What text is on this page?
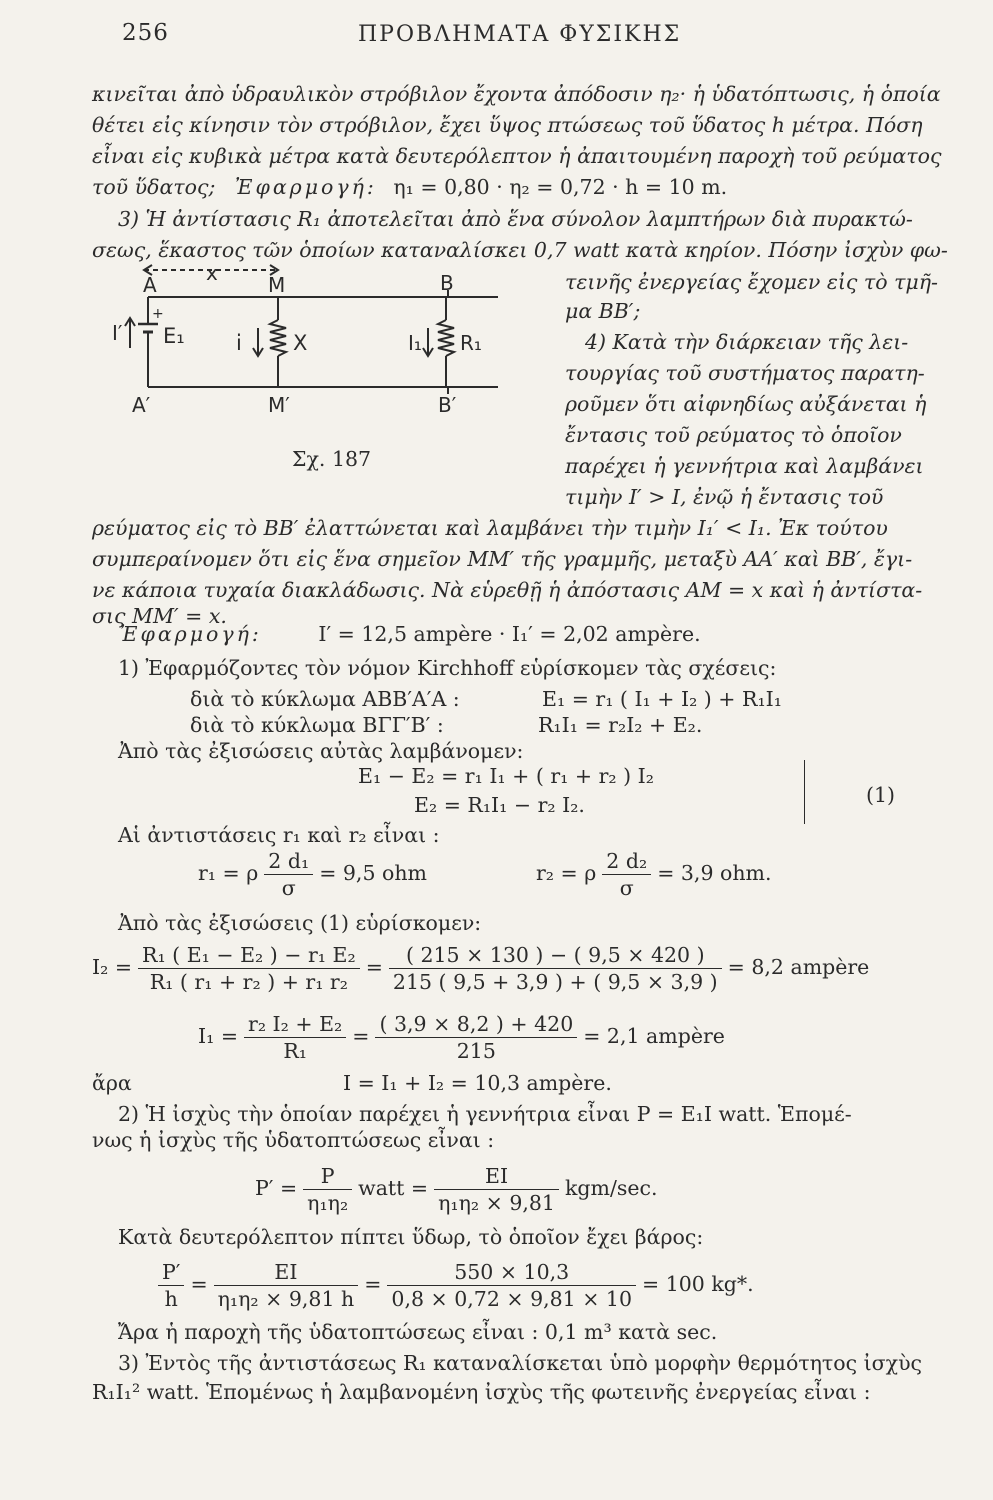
256	ΠΡΟΒΛΗΜΑΤΑ ΦΥΣΙΚΗΣ
κινεῖται ἀπὸ ὑδραυλικὸν στρόβιλον ἔχοντα ἀπόδοσιν η₂· ἡ ὑδατόπτωσις, ἡ ὁποία
θέτει εἰς κίνησιν τὸν στρόβιλον, ἔχει ὕψος πτώσεως τοῦ ὕδατος h μέτρα. Πόση
εἶναι εἰς κυβικὰ μέτρα κατὰ δευτερόλεπτον ἡ ἀπαιτουμένη παροχὴ τοῦ ρεύματος
τοῦ ὕδατος; Ἐφαρμογή: η₁ = 0,80 · η₂ = 0,72 · h = 10 m.
3) Ἡ ἀντίστασις R₁ ἀποτελεῖται ἀπὸ ἕνα σύνολον λαμπτήρων διὰ πυρακτώ-
σεως, ἕκαστος τῶν ὁποίων καταναλίσκει 0,7 watt κατὰ κηρίον. Πόσην ἰσχὺν φω-
τεινῆς ἐνεργείας ἔχομεν εἰς τὸ τμῆ-
μα BB′;
4) Κατὰ τὴν διάρκειαν τῆς λει-
τουργίας τοῦ συστήματος παρατη-
ροῦμεν ὅτι αἰφνηδίως αὐξάνεται ἡ
ἔντασις τοῦ ρεύματος τὸ ὁποῖον
παρέχει ἡ γεννήτρια καὶ λαμβάνει
τιμὴν I′ > I, ἐνῷ ἡ ἔντασις τοῦ
x
A	M	B
I′
+
E₁ i X	I₁ R₁
A′	M′	B′
Σχ. 187
ρεύματος εἰς τὸ BB′ ἐλαττώνεται καὶ λαμβάνει τὴν τιμὴν I₁′ < I₁. Ἐκ τούτου
συμπεραίνομεν ὅτι εἰς ἕνα σημεῖον MM′ τῆς γραμμῆς, μεταξὺ AA′ καὶ BB′, ἔγι-
νε κάποια τυχαία διακλάδωσις. Νὰ εὑρεθῇ ἡ ἀπόστασις AM = x καὶ ἡ ἀντίστα-
σις MM′ = x.
Ἐφαρμογή:	I′ = 12,5 ampère · I₁′ = 2,02 ampère.
1) Ἐφαρμόζοντες τὸν νόμον Kirchhoff εὑρίσκομεν τὰς σχέσεις:
διὰ τὸ κύκλωμα ABB′A′A :	E₁ = r₁ ( I₁ + I₂ ) + R₁I₁
διὰ τὸ κύκλωμα BΓΓ′B′ :	R₁I₁ = r₂I₂ + E₂.
Ἀπὸ τὰς ἐξισώσεις αὐτὰς λαμβάνομεν:
E₁ − E₂ = r₁ I₁ + ( r₁ + r₂ ) I₂
E₂ = R₁I₁ − r₂ I₂.	(1)
Αἱ ἀντιστάσεις r₁ καὶ r₂ εἶναι :
r₁ = ρ $\frac{\text{2 d₁}}{\sigma} = 9,5$ ohm	r₂ = ρ $\frac{\text{2 d₂}}{\sigma} = 3,9$ ohm.
Ἀπὸ τὰς ἐξισώσεις (1) εὑρίσκομεν:
$I_2 = \frac{\text{R₁ ( E₁ − E₂ ) − r₁ E₂}}{\text{R₁ ( r₁ + r₂ ) + r₁ r₂}} = \frac{( 215 \times 130 ) - ( 9,5 \times 420 )}{215 ( 9,5 + 3,9 ) + ( 9,5 \times 3,9 )} = 8,2$ ampère
$I_1 = \frac{\text{r₂ I₂ + E₂}}{\text{R₁}} = \frac{( 3,9 \times 8,2 ) + 420}{215} = 2,1$ ampère
ἄρα	I = I₁ + I₂ = 10,3 ampère.
2) Ἡ ἰσχὺς τὴν ὁποίαν παρέχει ἡ γεννήτρια εἶναι P = E₁I watt. Ἑπομέ-
νως ἡ ἰσχὺς τῆς ὑδατοπτώσεως εἶναι :
$P' = \frac{P}{\text{η₁η₂}}$ watt = $\frac{EI}{\text{η₁η₂ × 9,81}} kgm/\sec$.
Κατὰ δευτερόλεπτον πίπτει ὕδωρ, τὸ ὁποῖον ἔχει βάρος:
$\frac{P'}{h} = \frac{EI}{\text{η₁η₂ × 9,81 h}} = \frac{550 \times 10,3}{0,8 \times 0,72 \times 9,81 \times 10} = 100$ kg*.
Ἄρα ἡ παροχὴ τῆς ὑδατοπτώσεως εἶναι : 0,1 m³ κατὰ sec.
3) Ἐντὸς τῆς ἀντιστάσεως R₁ καταναλίσκεται ὑπὸ μορφὴν θερμότητος ἰσχὺς
R₁I₁² watt. Ἑπομένως ἡ λαμβανομένη ἰσχὺς τῆς φωτεινῆς ἐνεργείας εἶναι :
